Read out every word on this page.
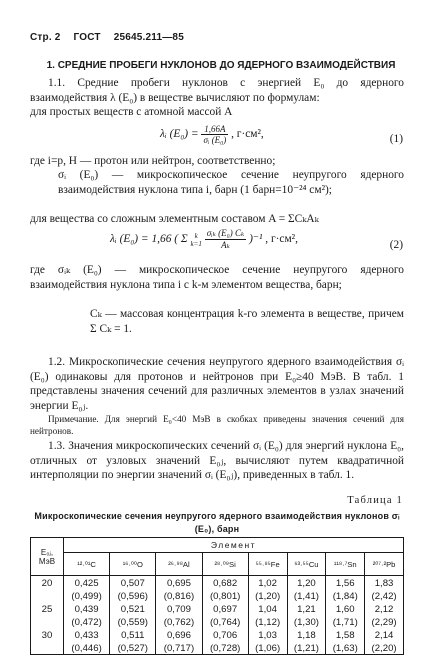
Стр. 2 ГОСТ 25645.211—85
1. СРЕДНИЕ ПРОБЕГИ НУКЛОНОВ ДО ЯДЕРНОГО ВЗАИМОДЕЙСТВИЯ

1.1. Средние пробеги нуклонов с энергией E₀ до ядерного взаимодействия λ (E₀) в веществе вычисляют по формулам:

для простых веществ с атомной массой A

λᵢ $(E_0) = \frac{1,66A}{\text{σᵢ (E₀)}}$ , г·см²,	(1)

где i=p, H — протон или нейтрон, соответственно;

σᵢ (E₀) — микроскопическое сечение неупругого ядерного взаимодействия нуклона типа i, барн (1 барн=10⁻²⁴ см²);

для вещества со сложным элементным составом A = ΣCₖAₖ

λᵢ (E₀) = 1,66 ( Σ k
k=1
$\frac{\text{σᵢₖ (E₀) Cₖ}}{\text{Aₖ}} )^{-1}$ , г·см²,	(2)

где σᵢₖ (E₀) — микроскопическое сечение неупругого ядерного взаимодействия нуклона типа i с k-м элементом вещества, барн;

Cₖ — массовая концентрация k-го элемента в веществе, причем Σ Cₖ = 1.

1.2. Микроскопические сечения неупругого ядерного взаимодействия σᵢ (E₀) одинаковы для протонов и нейтронов при E₀≥40 МэВ. В табл. 1 представлены значения сечений для различных элементов в узлах значений энергии E₀ⱼ.

Примечание. Для энергий E₀<40 МэВ в скобках приведены значения сечений для нейтронов.

1.3. Значения микроскопических сечений σᵢ (E₀) для энергий нуклона E₀, отличных от узловых значений E₀ⱼ, вычисляют путем квадратичной интерполяции по энергии значений σᵢ (E₀ⱼ), приведенных в табл. 1.

Таблица 1
Микроскопические сечения неупругого ядерного взаимодействия нуклонов σᵢ (E₀), барн
E₀ⱼ, МэВ	Элемент							
	¹²·⁰¹C	¹⁶·⁰⁰O	²⁶·⁹⁸Al	²⁸·⁰⁹Si	⁵⁵·⁸⁵Fe	⁶³·⁵⁵Cu	¹¹⁸·⁷Sn	²⁰⁷·²Pb
20	0,425	0,507	0,695	0,682	1,02	1,20	1,56	1,83
	(0,499)	(0,596)	(0,816)	(0,801)	(1,20)	(1,41)	(1,84)	(2,42)
25	0,439	0,521	0,709	0,697	1,04	1,21	1,60	2,12
	(0,472)	(0,559)	(0,762)	(0,764)	(1,12)	(1,30)	(1,71)	(2,29)
30	0,433	0,511	0,696	0,706	1,03	1,18	1,58	2,14
	(0,446)	(0,527)	(0,717)	(0,728)	(1,06)	(1,21)	(1,63)	(2,20)
